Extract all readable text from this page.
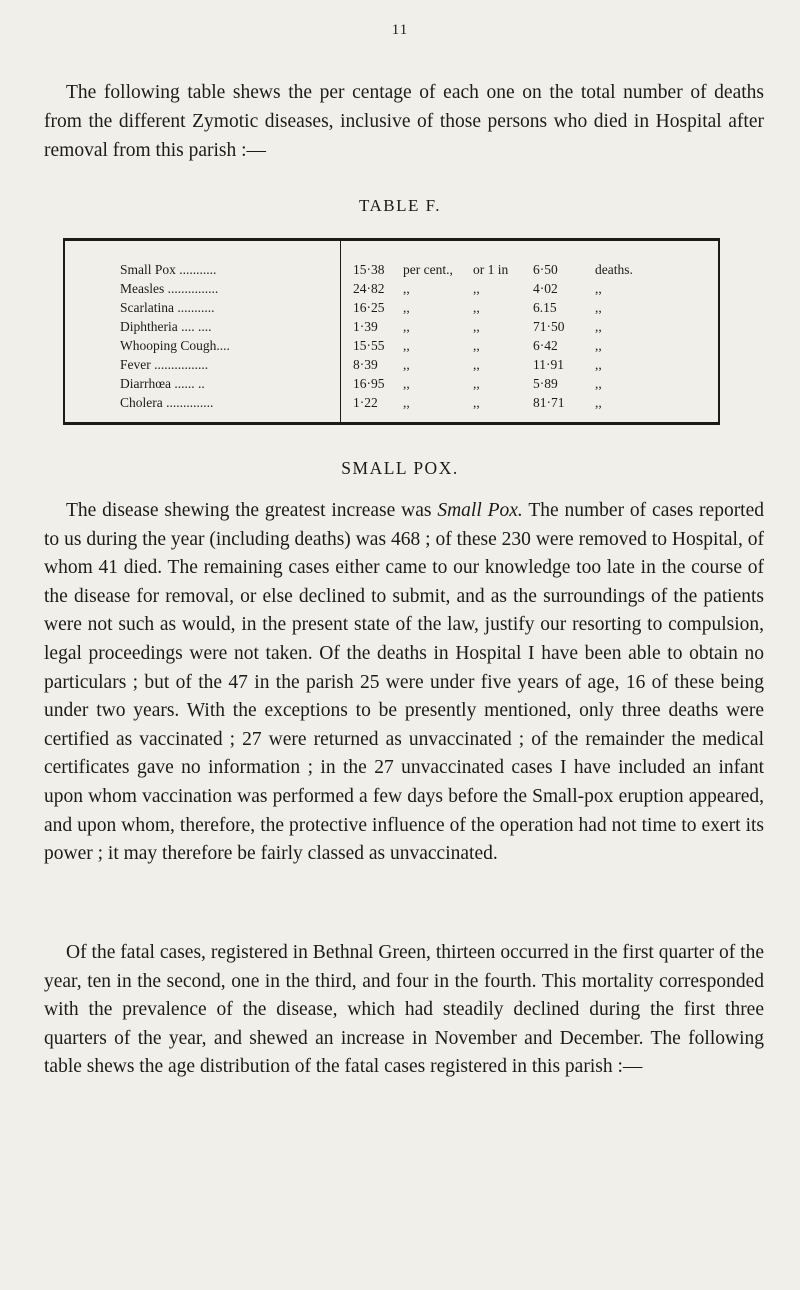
11

The following table shews the per centage of each one on the total number of deaths from the different Zymotic diseases, inclusive of those persons who died in Hospital after removal from this parish :—

TABLE F.
Small Pox ...........	15·38	per cent.,	or 1 in	6·50	deaths.
Measles ...............	24·82	,,	,,	4·02	,,
Scarlatina ...........	16·25	,,	,,	6.15	,,
Diphtheria .... ....	1·39	,,	,,	71·50	,,
Whooping Cough....	15·55	,,	,,	6·42	,,
Fever ................	8·39	,,	,,	11·91	,,
Diarrhœa ...... ..	16·95	,,	,,	5·89	,,
Cholera ..............	1·22	,,	,,	81·71	,,
SMALL POX.

The disease shewing the greatest increase was Small Pox. The number of cases reported to us during the year (including deaths) was 468 ; of these 230 were removed to Hospital, of whom 41 died. The remaining cases either came to our knowledge too late in the course of the disease for removal, or else declined to submit, and as the surroundings of the patients were not such as would, in the present state of the law, justify our resorting to compulsion, legal proceedings were not taken. Of the deaths in Hospital I have been able to obtain no particulars ; but of the 47 in the parish 25 were under five years of age, 16 of these being under two years. With the exceptions to be presently mentioned, only three deaths were certified as vaccinated ; 27 were returned as unvaccinated ; of the remainder the medical certificates gave no information ; in the 27 unvaccinated cases I have included an infant upon whom vaccination was performed a few days before the Small-pox eruption appeared, and upon whom, therefore, the protective influence of the operation had not time to exert its power ; it may therefore be fairly classed as unvaccinated.

Of the fatal cases, registered in Bethnal Green, thirteen occurred in the first quarter of the year, ten in the second, one in the third, and four in the fourth. This mortality corresponded with the prevalence of the disease, which had steadily declined during the first three quarters of the year, and shewed an increase in November and December. The following table shews the age distribution of the fatal cases registered in this parish :—
